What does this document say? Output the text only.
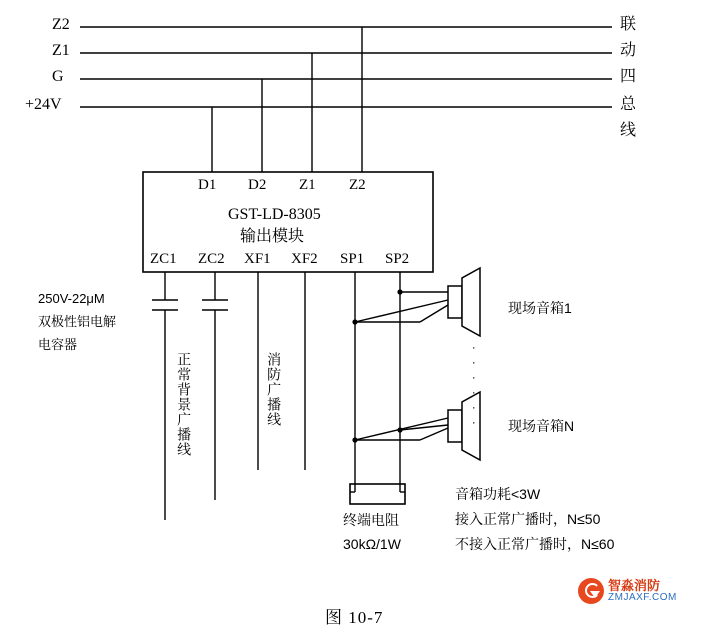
Z2
Z1
G
+24V
联
动
四
总
线
D1 D2 Z1 Z2
GST-LD-8305
输出模块
ZC1 ZC2 XF1 XF2 SP1 SP2
250V-22μM
双极性铝电解
电容器
正常背景广播线	消防广播线
终端电阻
30kΩ/1W
现场音箱1
现场音箱N
······
音箱功耗<3W
接入正常广播时，N≤50
不接入正常广播时，N≤60
图 10-7
智淼消防
ZMJAXF.COM
